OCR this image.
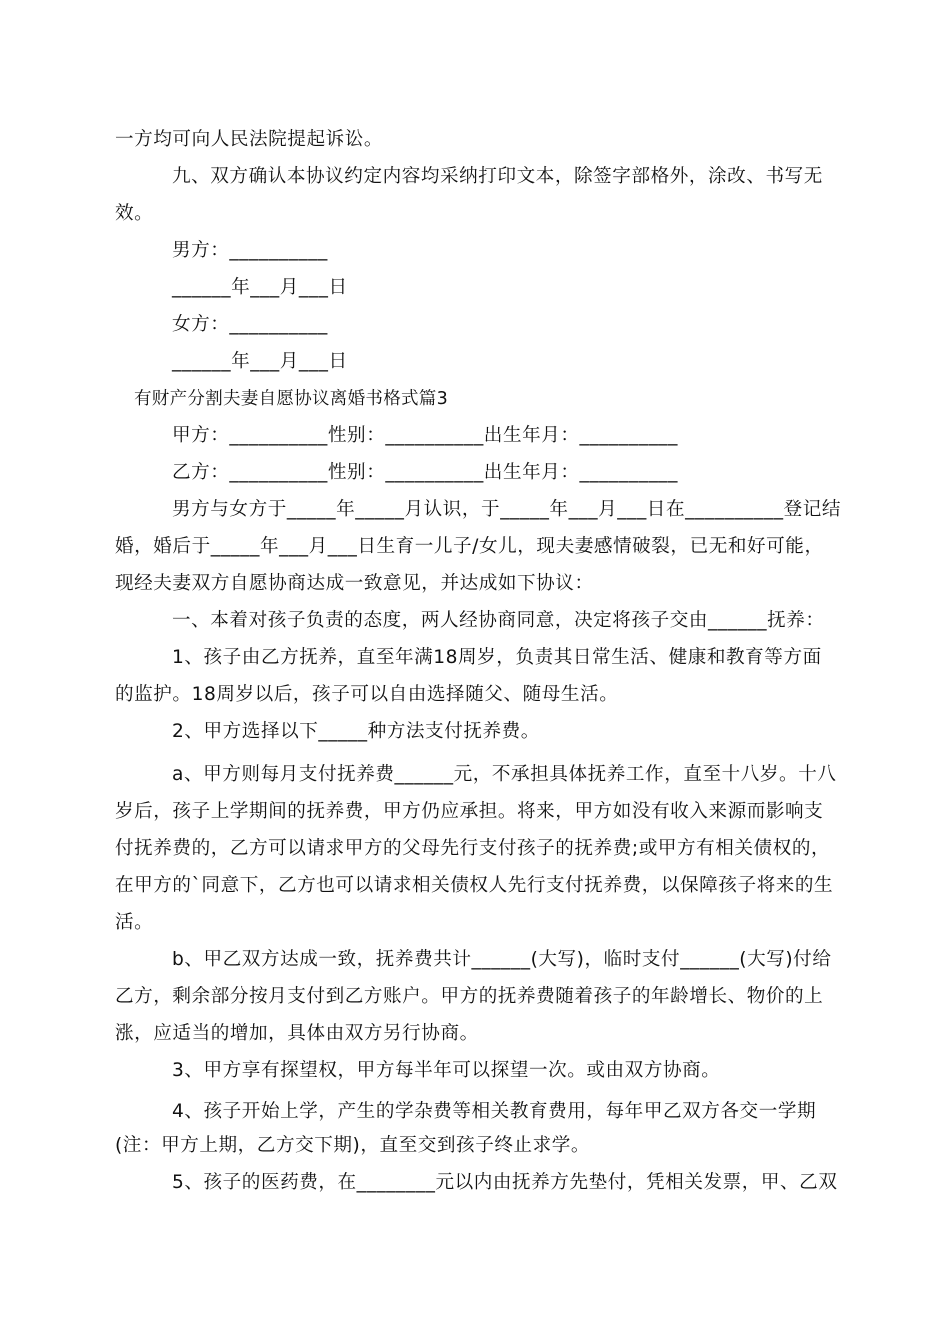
一方均可向人民法院提起诉讼。
九、双方确认本协议约定内容均采纳打印文本，除签字部格外，涂改、书写无
效。
男方：__________
______年___月___日
女方：__________
______年___月___日
有财产分割夫妻自愿协议离婚书格式篇3
甲方：__________性别：__________出生年月：__________
乙方：__________性别：__________出生年月：__________
男方与女方于_____年_____月认识，于_____年___月___日在__________登记结
婚，婚后于_____年___月___日生育一儿子/女儿，现夫妻感情破裂，已无和好可能，
现经夫妻双方自愿协商达成一致意见，并达成如下协议：
一、本着对孩子负责的态度，两人经协商同意，决定将孩子交由______抚养：
1、孩子由乙方抚养，直至年满18周岁，负责其日常生活、健康和教育等方面
的监护。18周岁以后，孩子可以自由选择随父、随母生活。
2、甲方选择以下_____种方法支付抚养费。
a、甲方则每月支付抚养费______元，不承担具体抚养工作，直至十八岁。十八
岁后，孩子上学期间的抚养费，甲方仍应承担。将来，甲方如没有收入来源而影响支
付抚养费的，乙方可以请求甲方的父母先行支付孩子的抚养费;或甲方有相关债权的，
在甲方的`同意下，乙方也可以请求相关债权人先行支付抚养费，以保障孩子将来的生
活。
b、甲乙双方达成一致，抚养费共计______(大写)，临时支付______(大写)付给
乙方，剩余部分按月支付到乙方账户。甲方的抚养费随着孩子的年龄增长、物价的上
涨，应适当的增加，具体由双方另行协商。
3、甲方享有探望权，甲方每半年可以探望一次。或由双方协商。
4、孩子开始上学，产生的学杂费等相关教育费用，每年甲乙双方各交一学期
(注：甲方上期，乙方交下期)，直至交到孩子终止求学。
5、孩子的医药费，在________元以内由抚养方先垫付，凭相关发票，甲、乙双
